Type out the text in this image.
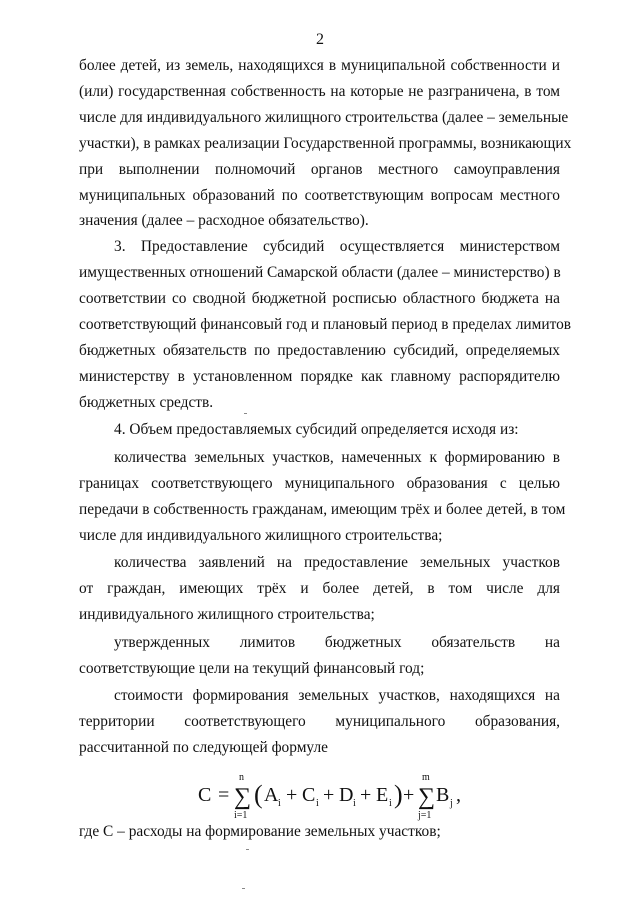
2
более детей, из земель, находящихся в муниципальной собственности и
(или) государственная собственность на которые не разграничена, в том
числе для индивидуального жилищного строительства (далее – земельные
участки), в рамках реализации Государственной программы, возникающих
при выполнении полномочий органов местного самоуправления
муниципальных образований по соответствующим вопросам местного
значения (далее – расходное обязательство).
3. Предоставление субсидий осуществляется министерством
имущественных отношений Самарской области (далее – министерство) в
соответствии со сводной бюджетной росписью областного бюджета на
соответствующий финансовый год и плановый период в пределах лимитов
бюджетных обязательств по предоставлению субсидий, определяемых
министерству в установленном порядке как главному распорядителю
бюджетных средств.
4. Объем предоставляемых субсидий определяется исходя из:
количества земельных участков, намеченных к формированию в
границах соответствующего муниципального образования с целью
передачи в собственность гражданам, имеющим трёх и более детей, в том
числе для индивидуального жилищного строительства;
количества заявлений на предоставление земельных участков
от граждан, имеющих трёх и более детей, в том числе для
индивидуального жилищного строительства;
утвержденных лимитов бюджетных обязательств на
соответствующие цели на текущий финансовый год;
стоимости формирования земельных участков, находящихся на
территории соответствующего муниципального образования,
рассчитанной по следующей формуле
C =
n
∑
i=1
( A i + C i + D i + E i ) +
m
∑
j=1
B j ,
где С – расходы на формирование земельных участков;
